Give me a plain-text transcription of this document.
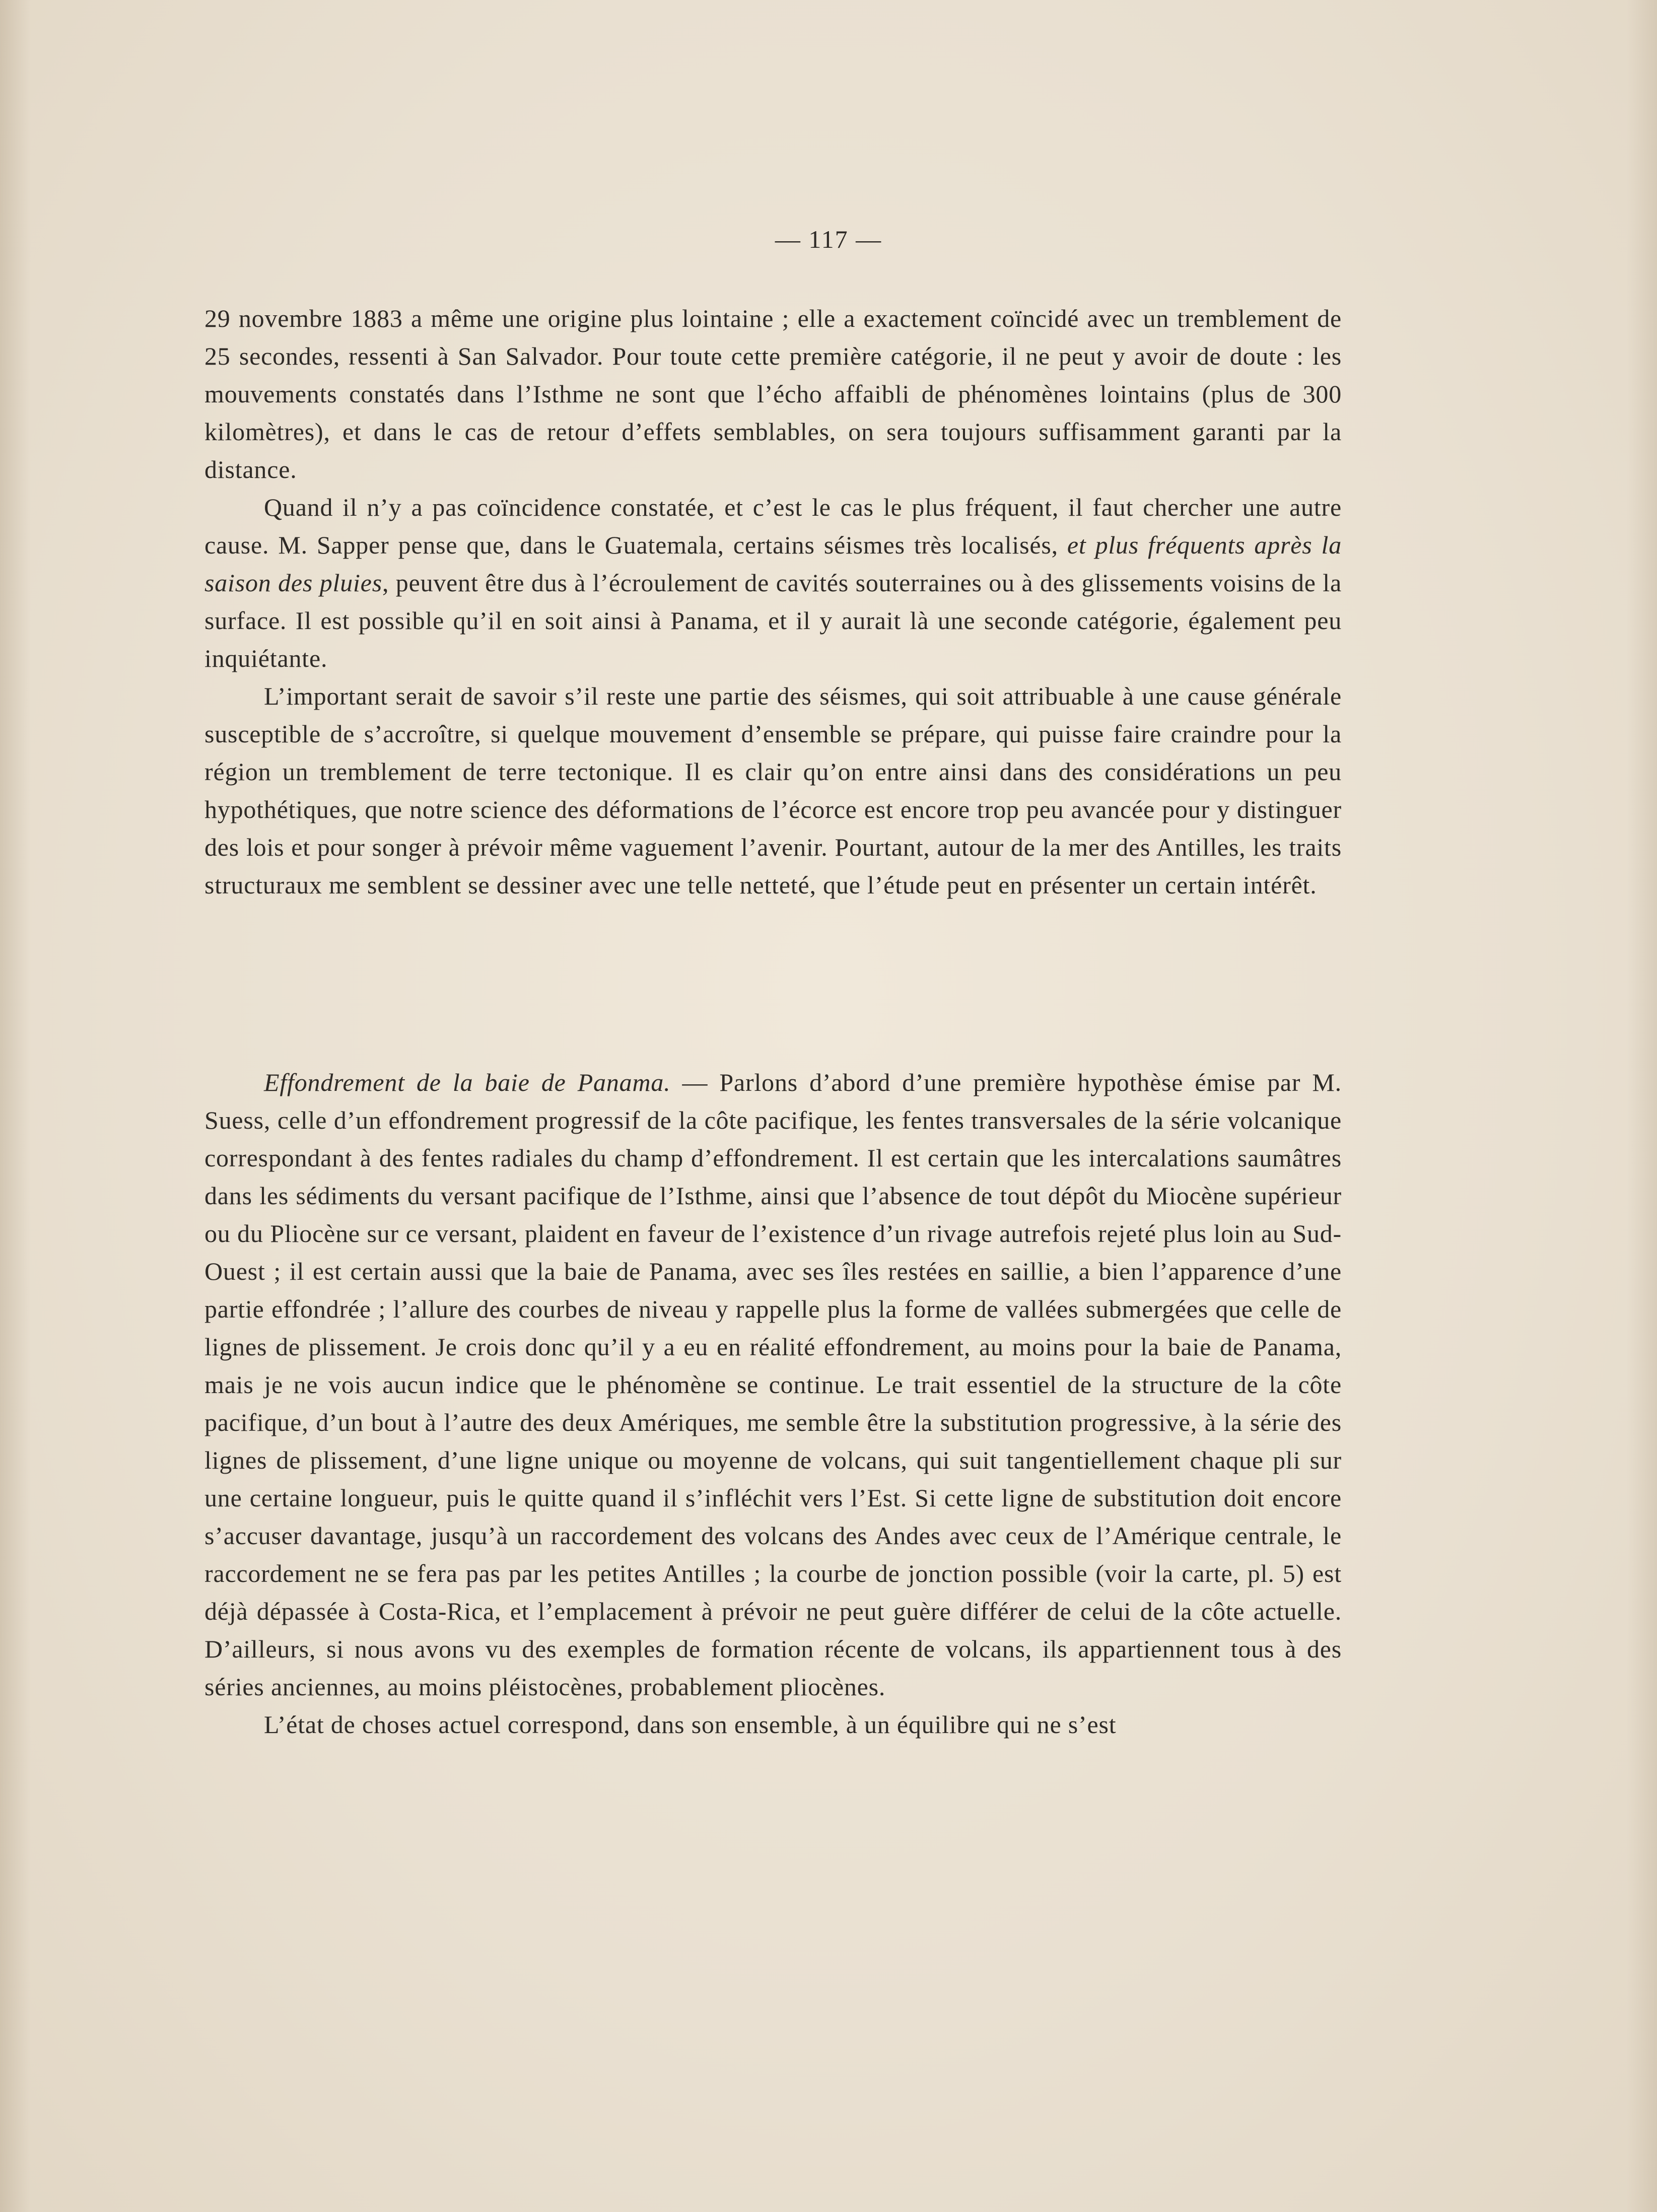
— 117 —

29 novembre 1883 a même une origine plus lointaine ; elle a exactement coïncidé avec un tremblement de 25 secondes, ressenti à San Salvador. Pour toute cette première catégorie, il ne peut y avoir de doute : les mouvements constatés dans l’Isthme ne sont que l’écho affaibli de phénomènes lointains (plus de 300 kilomètres), et dans le cas de retour d’effets semblables, on sera toujours suffisamment garanti par la distance.

Quand il n’y a pas coïncidence constatée, et c’est le cas le plus fréquent, il faut chercher une autre cause. M. Sapper pense que, dans le Guatemala, certains séismes très localisés, et plus fréquents après la saison des pluies, peuvent être dus à l’écroulement de cavités souterraines ou à des glissements voisins de la surface. Il est possible qu’il en soit ainsi à Panama, et il y aurait là une seconde catégorie, également peu inquiétante.

L’important serait de savoir s’il reste une partie des séismes, qui soit attribuable à une cause générale susceptible de s’accroître, si quelque mouvement d’ensemble se prépare, qui puisse faire craindre pour la région un tremblement de terre tectonique. Il es clair qu’on entre ainsi dans des considérations un peu hypothétiques, que notre science des déformations de l’écorce est encore trop peu avancée pour y distinguer des lois et pour songer à prévoir même vaguement l’avenir. Pourtant, autour de la mer des Antilles, les traits structuraux me semblent se dessiner avec une telle netteté, que l’étude peut en présenter un certain intérêt.

Effondrement de la baie de Panama. — Parlons d’abord d’une première hypothèse émise par M. Suess, celle d’un effondrement progressif de la côte pacifique, les fentes transversales de la série volcanique correspondant à des fentes radiales du champ d’effondrement. Il est certain que les intercalations saumâtres dans les sédiments du versant pacifique de l’Isthme, ainsi que l’absence de tout dépôt du Miocène supérieur ou du Pliocène sur ce versant, plaident en faveur de l’existence d’un rivage autrefois rejeté plus loin au Sud-Ouest ; il est certain aussi que la baie de Panama, avec ses îles restées en saillie, a bien l’apparence d’une partie effondrée ; l’allure des courbes de niveau y rappelle plus la forme de vallées submergées que celle de lignes de plissement. Je crois donc qu’il y a eu en réalité effondrement, au moins pour la baie de Panama, mais je ne vois aucun indice que le phénomène se continue. Le trait essentiel de la structure de la côte pacifique, d’un bout à l’autre des deux Amériques, me semble être la substitution progressive, à la série des lignes de plissement, d’une ligne unique ou moyenne de volcans, qui suit tangentiellement chaque pli sur une certaine longueur, puis le quitte quand il s’infléchit vers l’Est. Si cette ligne de substitution doit encore s’accuser davantage, jusqu’à un raccordement des volcans des Andes avec ceux de l’Amérique centrale, le raccordement ne se fera pas par les petites Antilles ; la courbe de jonction possible (voir la carte, pl. 5) est déjà dépassée à Costa-Rica, et l’emplacement à prévoir ne peut guère différer de celui de la côte actuelle. D’ailleurs, si nous avons vu des exemples de formation récente de volcans, ils appartiennent tous à des séries anciennes, au moins pléistocènes, probablement pliocènes.

L’état de choses actuel correspond, dans son ensemble, à un équilibre qui ne s’est
